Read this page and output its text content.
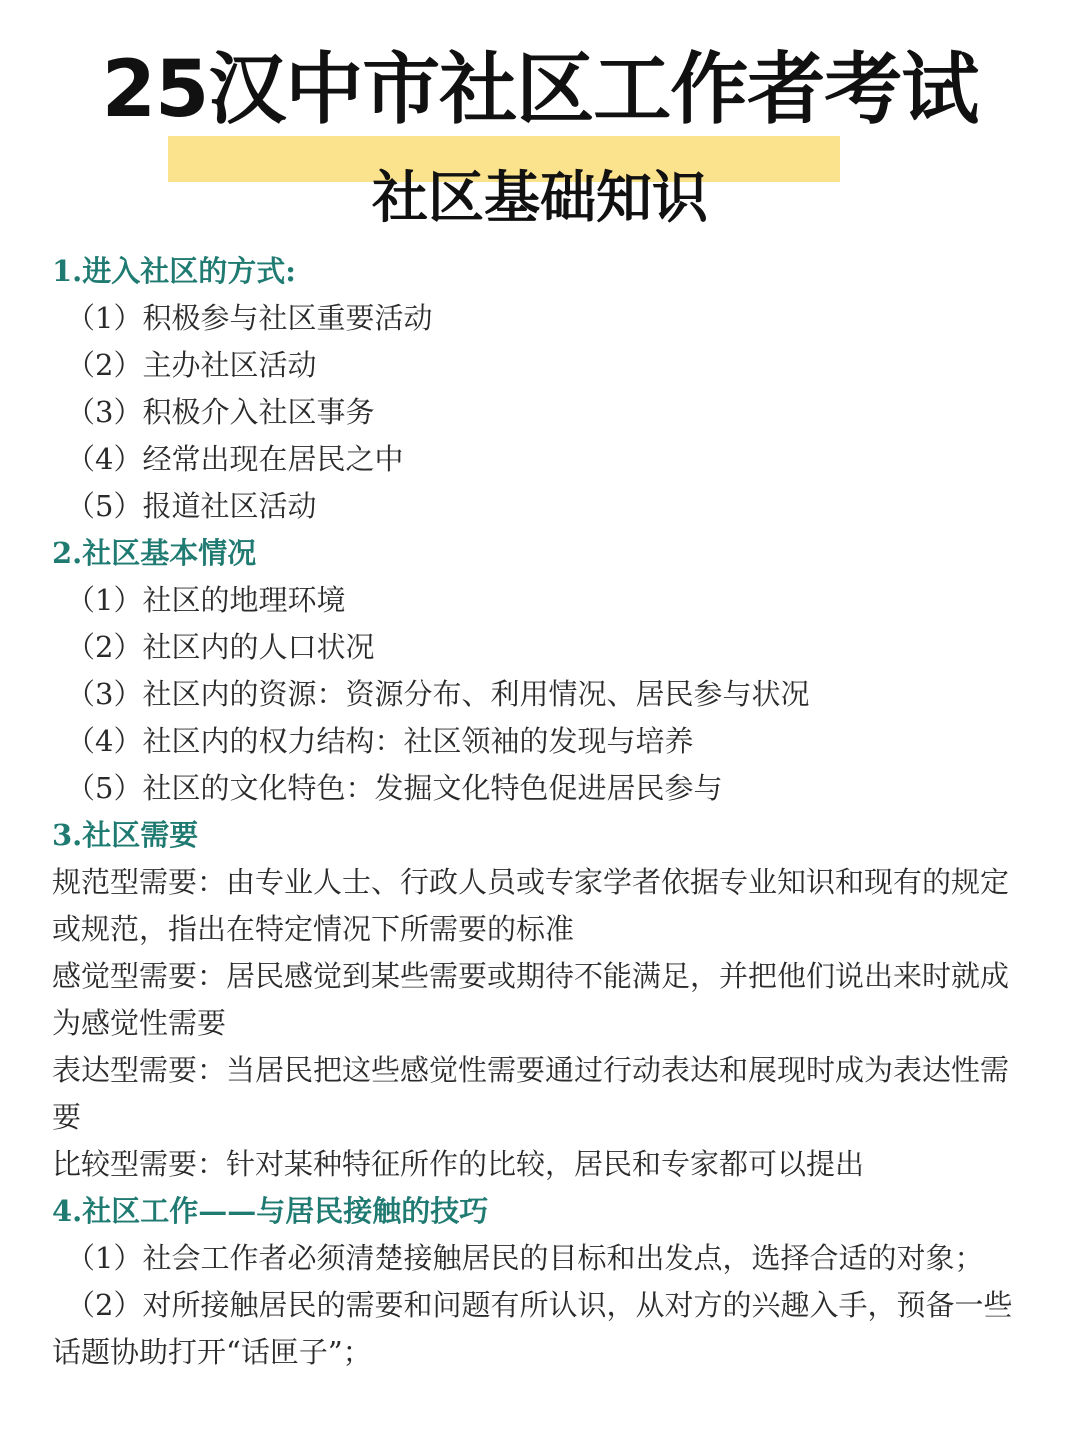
25汉中市社区工作者考试
社区基础知识
1.进入社区的方式:
（1）积极参与社区重要活动
（2）主办社区活动
（3）积极介入社区事务
（4）经常出现在居民之中
（5）报道社区活动
2.社区基本情况
（1）社区的地理环境
（2）社区内的人口状况
（3）社区内的资源：资源分布、利用情况、居民参与状况
（4）社区内的权力结构：社区领袖的发现与培养
（5）社区的文化特色：发掘文化特色促进居民参与
3.社区需要
规范型需要：由专业人士、行政人员或专家学者依据专业知识和现有的规定或规范，指出在特定情况下所需要的标准
感觉型需要：居民感觉到某些需要或期待不能满足，并把他们说出来时就成为感觉性需要
表达型需要：当居民把这些感觉性需要通过行动表达和展现时成为表达性需要
比较型需要：针对某种特征所作的比较，居民和专家都可以提出
4.社区工作——与居民接触的技巧
（1）社会工作者必须清楚接触居民的目标和出发点，选择合适的对象；
（2）对所接触居民的需要和问题有所认识，从对方的兴趣入手，预备一些话题协助打开“话匣子”；
